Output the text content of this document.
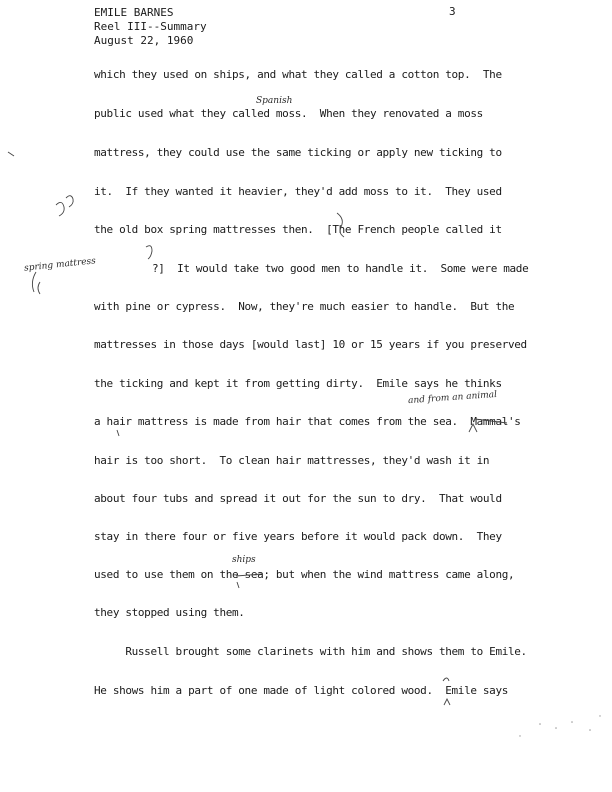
EMILE BARNES
Reel III--Summary
August 22, 1960
3
which they used on ships, and what they called a cotton top.  The
public used what they called moss.  When they renovated a moss
mattress, they could use the same ticking or apply new ticking to
it.  If they wanted it heavier, they'd add moss to it.  They used
the old box spring mattresses then.  [The French people called it
?]  It would take two good men to handle it.  Some were made
with pine or cypress.  Now, they're much easier to handle.  But the
mattresses in those days [would last] 10 or 15 years if you preserved
the ticking and kept it from getting dirty.  Emile says he thinks
a hair mattress is made from hair that comes from the sea.  Mammal's
hair is too short.  To clean hair mattresses, they'd wash it in
about four tubs and spread it out for the sun to dry.  That would
stay in there four or five years before it would pack down.  They
used to use them on the sea; but when the wind mattress came along,
they stopped using them.
Russell brought some clarinets with him and shows them to Emile.
He shows him a part of one made of light colored wood.  Emile says
Spanish
spring mattress
and from an animal
ships
